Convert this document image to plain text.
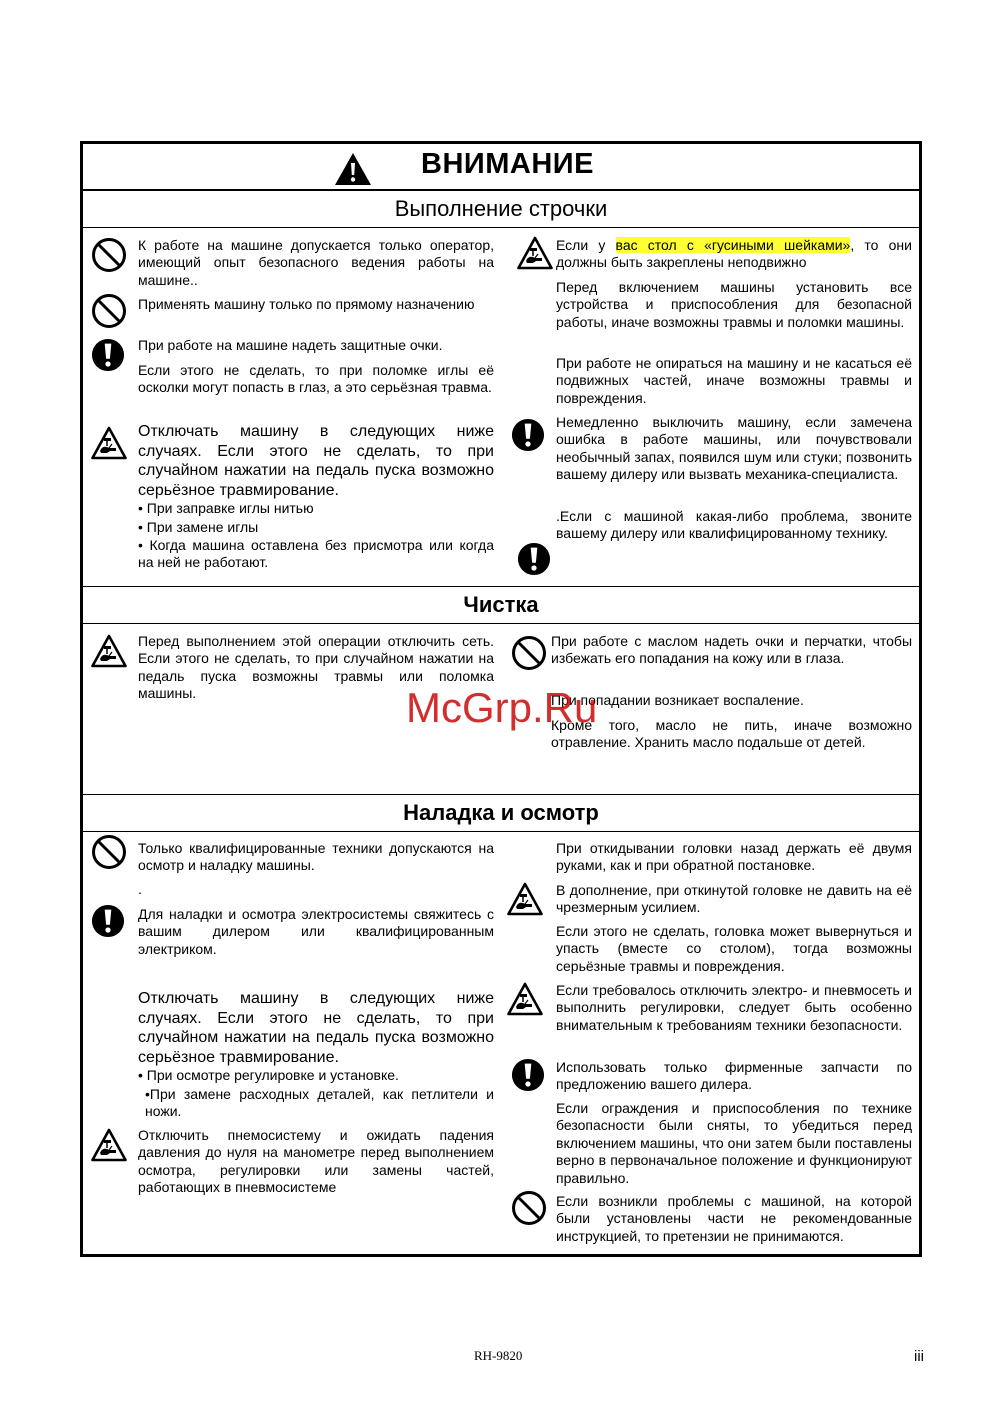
ВНИМАНИЕ
Выполнение строчки
К работе на машине допускается только оператор, имеющий опыт безопасного ведения работы на машине..
Применять машину только по прямому назначению
При работе на машине надеть защитные очки.
Если этого не сделать, то при поломке иглы её осколки могут попасть в глаз, а это серьёзная травма.
Отключать машину в следующих ниже случаях. Если этого не сделать, то при случайном нажатии на педаль пуска возможно серьёзное травмирование.
• При заправке иглы нитью
• При замене иглы
• Когда машина оставлена без присмотра или когда на ней не работают.
Если у вас стол с «гусиными шейками», то они должны быть закреплены неподвижно
Перед включением машины установить все устройства и приспособления для безопасной работы, иначе возможны травмы и поломки машины.
При работе не опираться на машину и не касаться её подвижных частей, иначе возможны травмы и повреждения.
Немедленно выключить машину, если замечена ошибка в работе машины, или почувствовали необычный запах, появился шум или стуки; позвонить вашему дилеру или вызвать механика-специалиста.
.Если с машиной какая-либо проблема, звоните вашему дилеру или квалифицированному технику.
Чистка
Перед выполнением этой операции отключить сеть. Если этого не сделать, то при случайном нажатии на педаль пуска возможны травмы или поломка машины.
При работе с маслом надеть очки и перчатки, чтобы избежать его попадания на кожу или в глаза.
При попадании возникает воспаление.
Кроме того, масло не пить, иначе возможно отравление. Хранить масло подальше от детей.
Наладка и осмотр
Только квалифицированные техники допускаются на осмотр и наладку машины.
.
Для наладки и осмотра электросистемы свяжитесь с вашим дилером или квалифицированным электриком.
Отключать машину в следующих ниже случаях. Если этого не сделать, то при случайном нажатии на педаль пуска возможно серьёзное травмирование.
• При осмотре регулировке и установке.
•При замене расходных деталей, как петлители и ножи.
Отключить пнемосистему и ожидать падения давления до нуля на манометре перед выполнением осмотра, регулировки или замены частей, работающих в пневмосистеме
При откидывании головки назад держать её двумя руками, как и при обратной постановке.
В дополнение, при откинутой головке не давить на её чрезмерным усилием.
Если этого не сделать, головка может вывернуться и упасть (вместе со столом), тогда возможны серьёзные травмы и повреждения.
Если требовалось отключить электро- и пневмосеть и выполнить регулировки, следует быть особенно внимательным к требованиям техники безопасности.
Использовать только фирменные запчасти по предложению вашего дилера.
Если ограждения и приспособления по технике безопасности были сняты, то убедиться перед включением машины, что они затем были поставлены верно в первоначальное положение и функционируют правильно.
Если возникли проблемы с машиной, на которой были установлены части не рекомендованные инструкцией, то претензии не принимаются.
McGrp.Ru
RH-9820	iii
